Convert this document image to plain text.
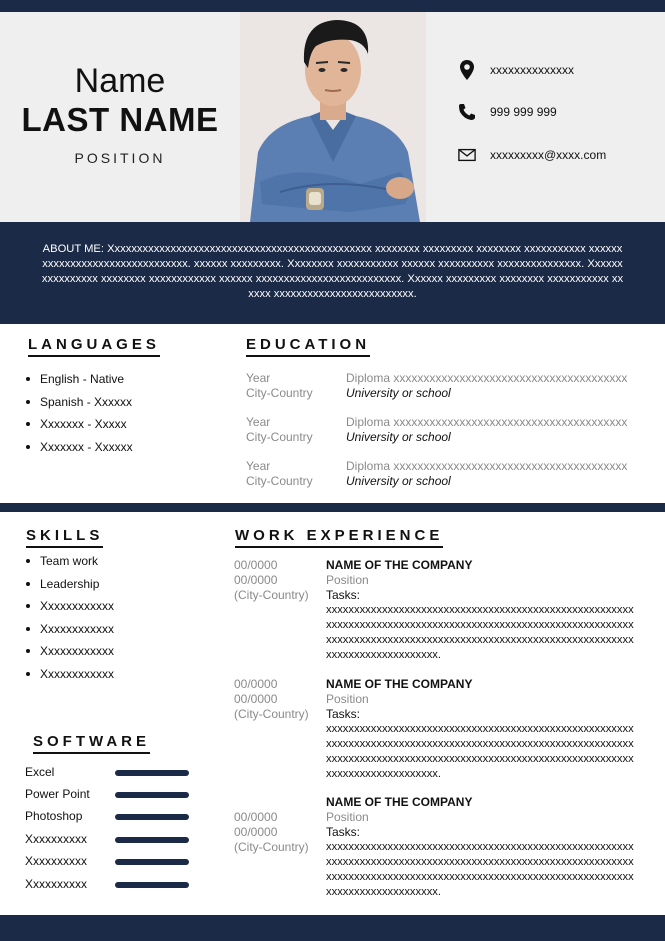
Name
LAST NAME
POSITION
xxxxxxxxxxxxxx
999 999 999
xxxxxxxxx@xxxx.com

ABOUT ME: Xxxxxxxxxxxxxxxxxxxxxxxxxxxxxxxxxxxxxxxxxxxxxxx xxxxxxxx xxxxxxxxx xxxxxxxx xxxxxxxxxxx xxxxxx xxxxxxxxxxxxxxxxxxxxxxxxxx. xxxxxx xxxxxxxxx. Xxxxxxxx xxxxxxxxxxx xxxxxx xxxxxxxxxx xxxxxxxxxxxxxxx. Xxxxxx xxxxxxxxxx xxxxxxxx xxxxxxxxxxxx xxxxxx xxxxxxxxxxxxxxxxxxxxxxxxxx. Xxxxxx xxxxxxxxx xxxxxxxx xxxxxxxxxxx xxxxxx xxxxxxxxxxxxxxxxxxxxxxxxx.

LANGUAGES
English - Native
Spanish - Xxxxxx
Xxxxxxx - Xxxxx
Xxxxxxx - Xxxxxx
EDUCATION
Year
City-Country
Diploma xxxxxxxxxxxxxxxxxxxxxxxxxxxxxxxxxxxxxxx
University or school
Year
City-Country
Diploma xxxxxxxxxxxxxxxxxxxxxxxxxxxxxxxxxxxxxxx
University or school
Year
City-Country
Diploma xxxxxxxxxxxxxxxxxxxxxxxxxxxxxxxxxxxxxxx
University or school
SKILLS
Team work
Leadership
Xxxxxxxxxxxx
Xxxxxxxxxxxx
Xxxxxxxxxxxx
Xxxxxxxxxxxx
SOFTWARE
Excel
Power Point
Photoshop
Xxxxxxxxxx
Xxxxxxxxxx
Xxxxxxxxxx
WORK EXPERIENCE
00/0000
00/0000
(City-Country)
NAME OF THE COMPANY
Position
Tasks:
xxxxxxxxxxxxxxxxxxxxxxxxxxxxxxxxxxxxxxxxxxxxxxxxxxxxxxxxxxxxxxxxxxxxxxxxxxxxxxxxxxxxxxxxxxxxxxxxxxxxxxxxxxxxxxxxxxxxxxxxxxxxxxxxxxxxxxxxxxxxxxxxxxxxxxxxxxxxxxxxxxxxxxxxxxxxxxxxxxxxxxxxx.
00/0000
00/0000
(City-Country)
NAME OF THE COMPANY
Position
Tasks:
xxxxxxxxxxxxxxxxxxxxxxxxxxxxxxxxxxxxxxxxxxxxxxxxxxxxxxxxxxxxxxxxxxxxxxxxxxxxxxxxxxxxxxxxxxxxxxxxxxxxxxxxxxxxxxxxxxxxxxxxxxxxxxxxxxxxxxxxxxxxxxxxxxxxxxxxxxxxxxxxxxxxxxxxxxxxxxxxxxxxxxxxx.
00/0000
00/0000
(City-Country)
NAME OF THE COMPANY
Position
Tasks:
xxxxxxxxxxxxxxxxxxxxxxxxxxxxxxxxxxxxxxxxxxxxxxxxxxxxxxxxxxxxxxxxxxxxxxxxxxxxxxxxxxxxxxxxxxxxxxxxxxxxxxxxxxxxxxxxxxxxxxxxxxxxxxxxxxxxxxxxxxxxxxxxxxxxxxxxxxxxxxxxxxxxxxxxxxxxxxxxxxxxxxxxx.
